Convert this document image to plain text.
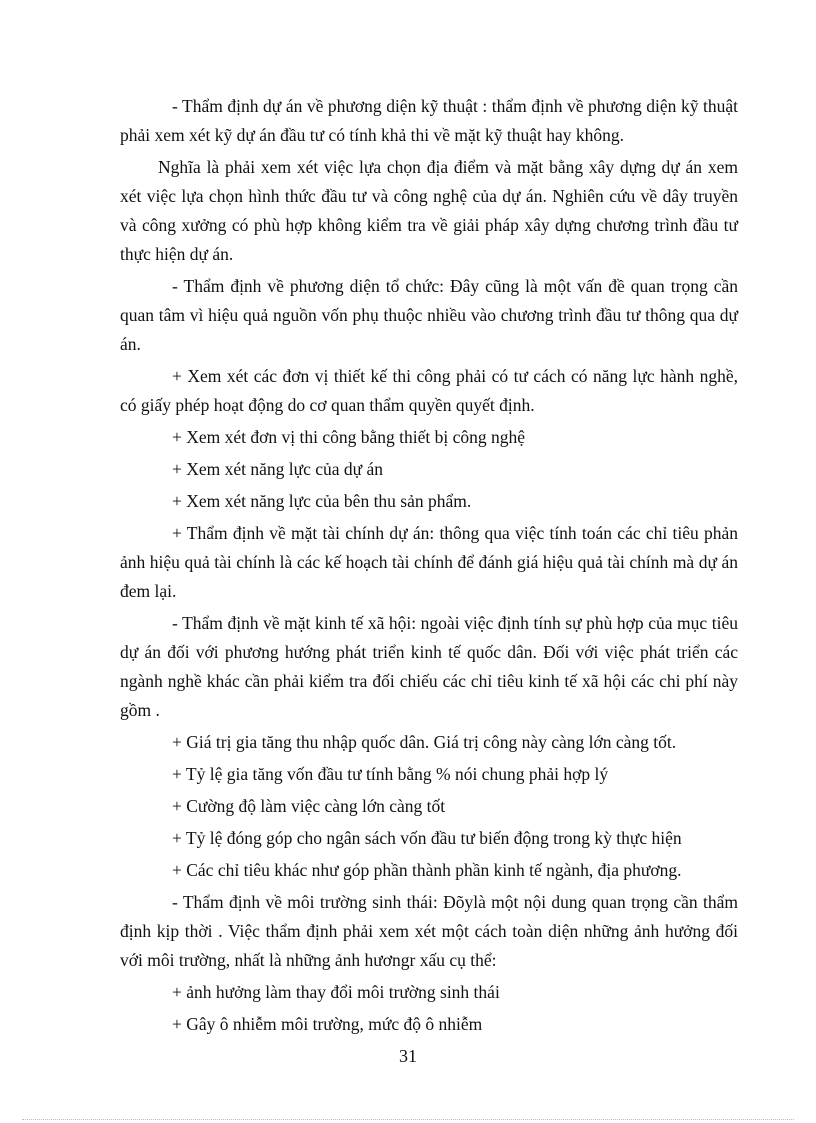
- Thẩm định dự án về phương diện kỹ thuật : thẩm định về phương diện kỹ thuật phải xem xét kỹ dự án đầu tư có tính khả thi về mặt kỹ thuật hay không.

Nghĩa là phải xem xét việc lựa chọn địa điểm và mặt bằng xây dựng dự án xem xét việc lựa chọn hình thức đầu tư và công nghệ của dự án. Nghiên cứu về dây truyền và công xưởng có phù hợp không kiểm tra về giải pháp xây dựng chương trình đầu tư thực hiện dự án.

- Thẩm định về phương diện tổ chức: Đây cũng là một vấn đề quan trọng cần quan tâm vì hiệu quả nguồn vốn phụ thuộc nhiều vào chương trình đầu tư thông qua dự án.

+ Xem xét các đơn vị thiết kế thi công phải có tư cách có năng lực hành nghề, có giấy phép hoạt động do cơ quan thẩm quyền quyết định.

+ Xem xét đơn vị thi công bằng thiết bị công nghệ

+ Xem xét năng lực của dự án

+ Xem xét năng lực của bên thu sản phẩm.

+ Thẩm định về mặt tài chính dự án: thông qua việc tính toán các chỉ tiêu phản ảnh hiệu quả tài chính là các kế hoạch tài chính để đánh giá hiệu quả tài chính mà dự án đem lại.

- Thẩm định về mặt kinh tế xã hội: ngoài việc định tính sự phù hợp của mục tiêu dự án đối với phương hướng phát triển kinh tế quốc dân. Đối với việc phát triển các ngành nghề khác cần phải kiểm tra đối chiếu các chỉ tiêu kinh tế xã hội các chi phí này gồm .

+ Giá trị gia tăng thu nhập quốc dân. Giá trị công này càng lớn càng tốt.

+ Tỷ lệ gia tăng vốn đầu tư tính bằng % nói chung phải hợp lý

+ Cường độ làm việc càng lớn càng tốt

+ Tỷ lệ đóng góp cho ngân sách vốn đầu tư biến động trong kỳ thực hiện

+ Các chỉ tiêu khác như góp phần thành phần kinh tế ngành, địa phương.

- Thẩm định về môi trường sinh thái: Đõylà một nội dung quan trọng cần thẩm định kịp thời . Việc thẩm định phải xem xét một cách toàn diện những ảnh hưởng đối với môi trường, nhất là những ảnh hươngr xấu cụ thể:

+ ảnh hưởng làm thay đổi môi trường sinh thái

+ Gây ô nhiễm môi trường, mức độ ô nhiễm

31
